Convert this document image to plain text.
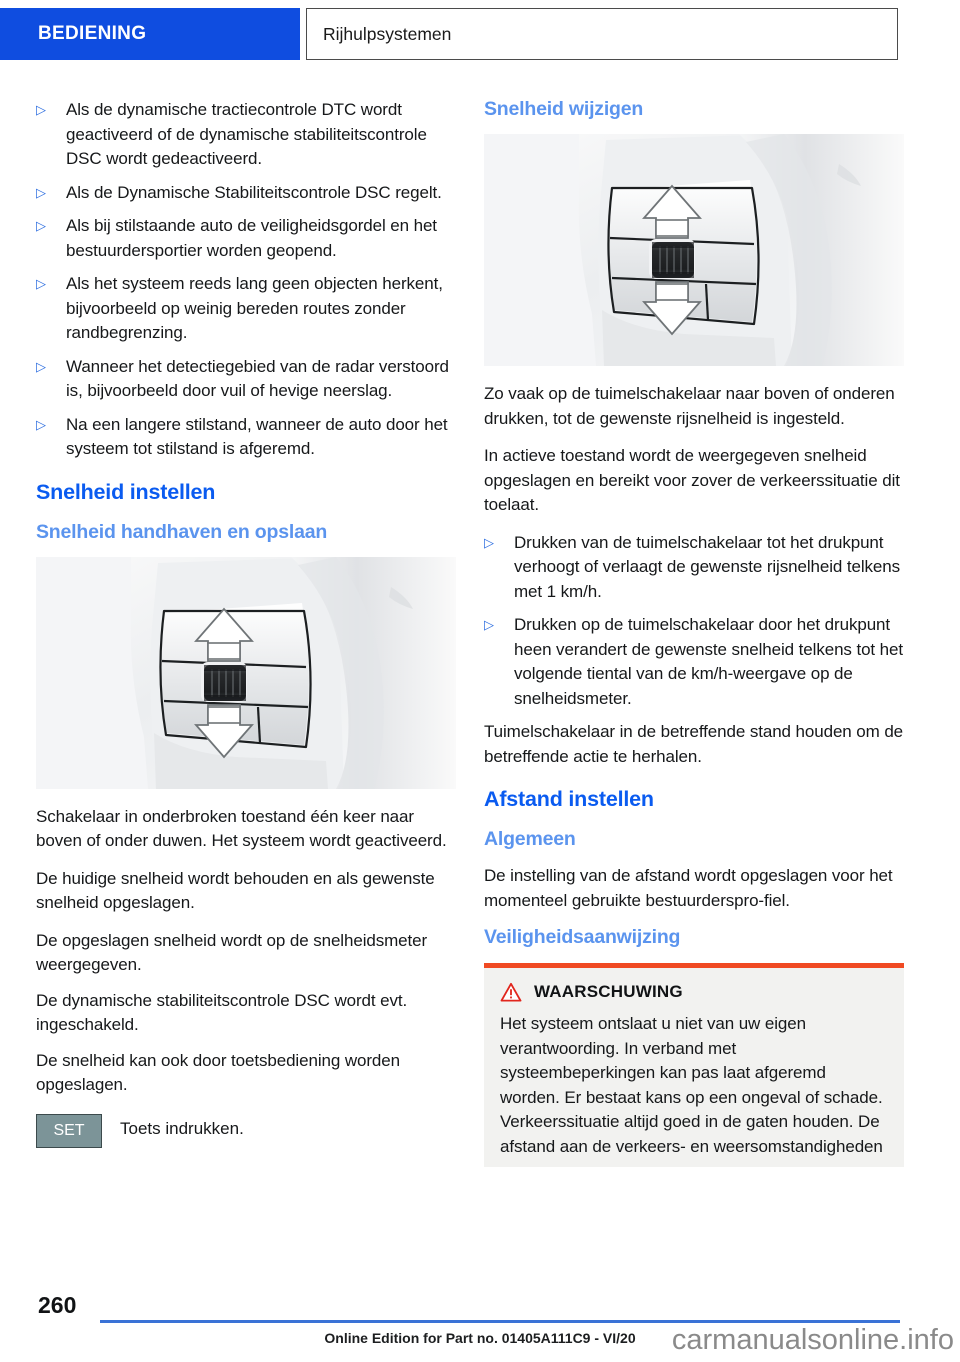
BEDIENING	Rijhulpsystemen
▷	Als de dynamische tractiecontrole DTC wordt geactiveerd of de dynamische stabiliteitscontrole DSC wordt gedeactiveerd.
▷	Als de Dynamische Stabiliteitscontrole DSC regelt.
▷	Als bij stilstaande auto de veiligheidsgordel en het bestuurdersportier worden geopend.
▷	Als het systeem reeds lang geen objecten herkent, bijvoorbeeld op weinig bereden routes zonder randbegrenzing.
▷	Wanneer het detectiegebied van de radar verstoord is, bijvoorbeeld door vuil of hevige neerslag.
▷	Na een langere stilstand, wanneer de auto door het systeem tot stilstand is afgeremd.
Snelheid instellen
Snelheid handhaven en opslaan

Schakelaar in onderbroken toestand één keer naar boven of onder duwen. Het systeem wordt geactiveerd.

De huidige snelheid wordt behouden en als gewenste snelheid opgeslagen.

De opgeslagen snelheid wordt op de snelheidsmeter weergegeven.

De dynamische stabiliteitscontrole DSC wordt evt. ingeschakeld.

De snelheid kan ook door toetsbediening worden opgeslagen.

SET Toets indrukken.
Snelheid wijzigen

Zo vaak op de tuimelschakelaar naar boven of onderen drukken, tot de gewenste rijsnelheid is ingesteld.

In actieve toestand wordt de weergegeven snelheid opgeslagen en bereikt voor zover de verkeerssituatie dit toelaat.

▷	Drukken van de tuimelschakelaar tot het drukpunt verhoogt of verlaagt de gewenste rijsnelheid telkens met 1 km/h.
▷	Drukken op de tuimelschakelaar door het drukpunt heen verandert de gewenste snelheid telkens tot het volgende tiental van de km/h-weergave op de snelheidsmeter.

Tuimelschakelaar in de betreffende stand houden om de betreffende actie te herhalen.

Afstand instellen
Algemeen

De instelling van de afstand wordt opgeslagen voor het momenteel gebruikte bestuurderspro-fiel.

Veiligheidsaanwijzing
WAARSCHUWING
Het systeem ontslaat u niet van uw eigen verantwoording. In verband met systeembeperkingen kan pas laat afgeremd worden. Er bestaat kans op een ongeval of schade. Verkeerssituatie altijd goed in de gaten houden. De afstand aan de verkeers- en weersomstandigheden
260
Online Edition for Part no. 01405A111C9 - VI/20	carmanualsonline.info
